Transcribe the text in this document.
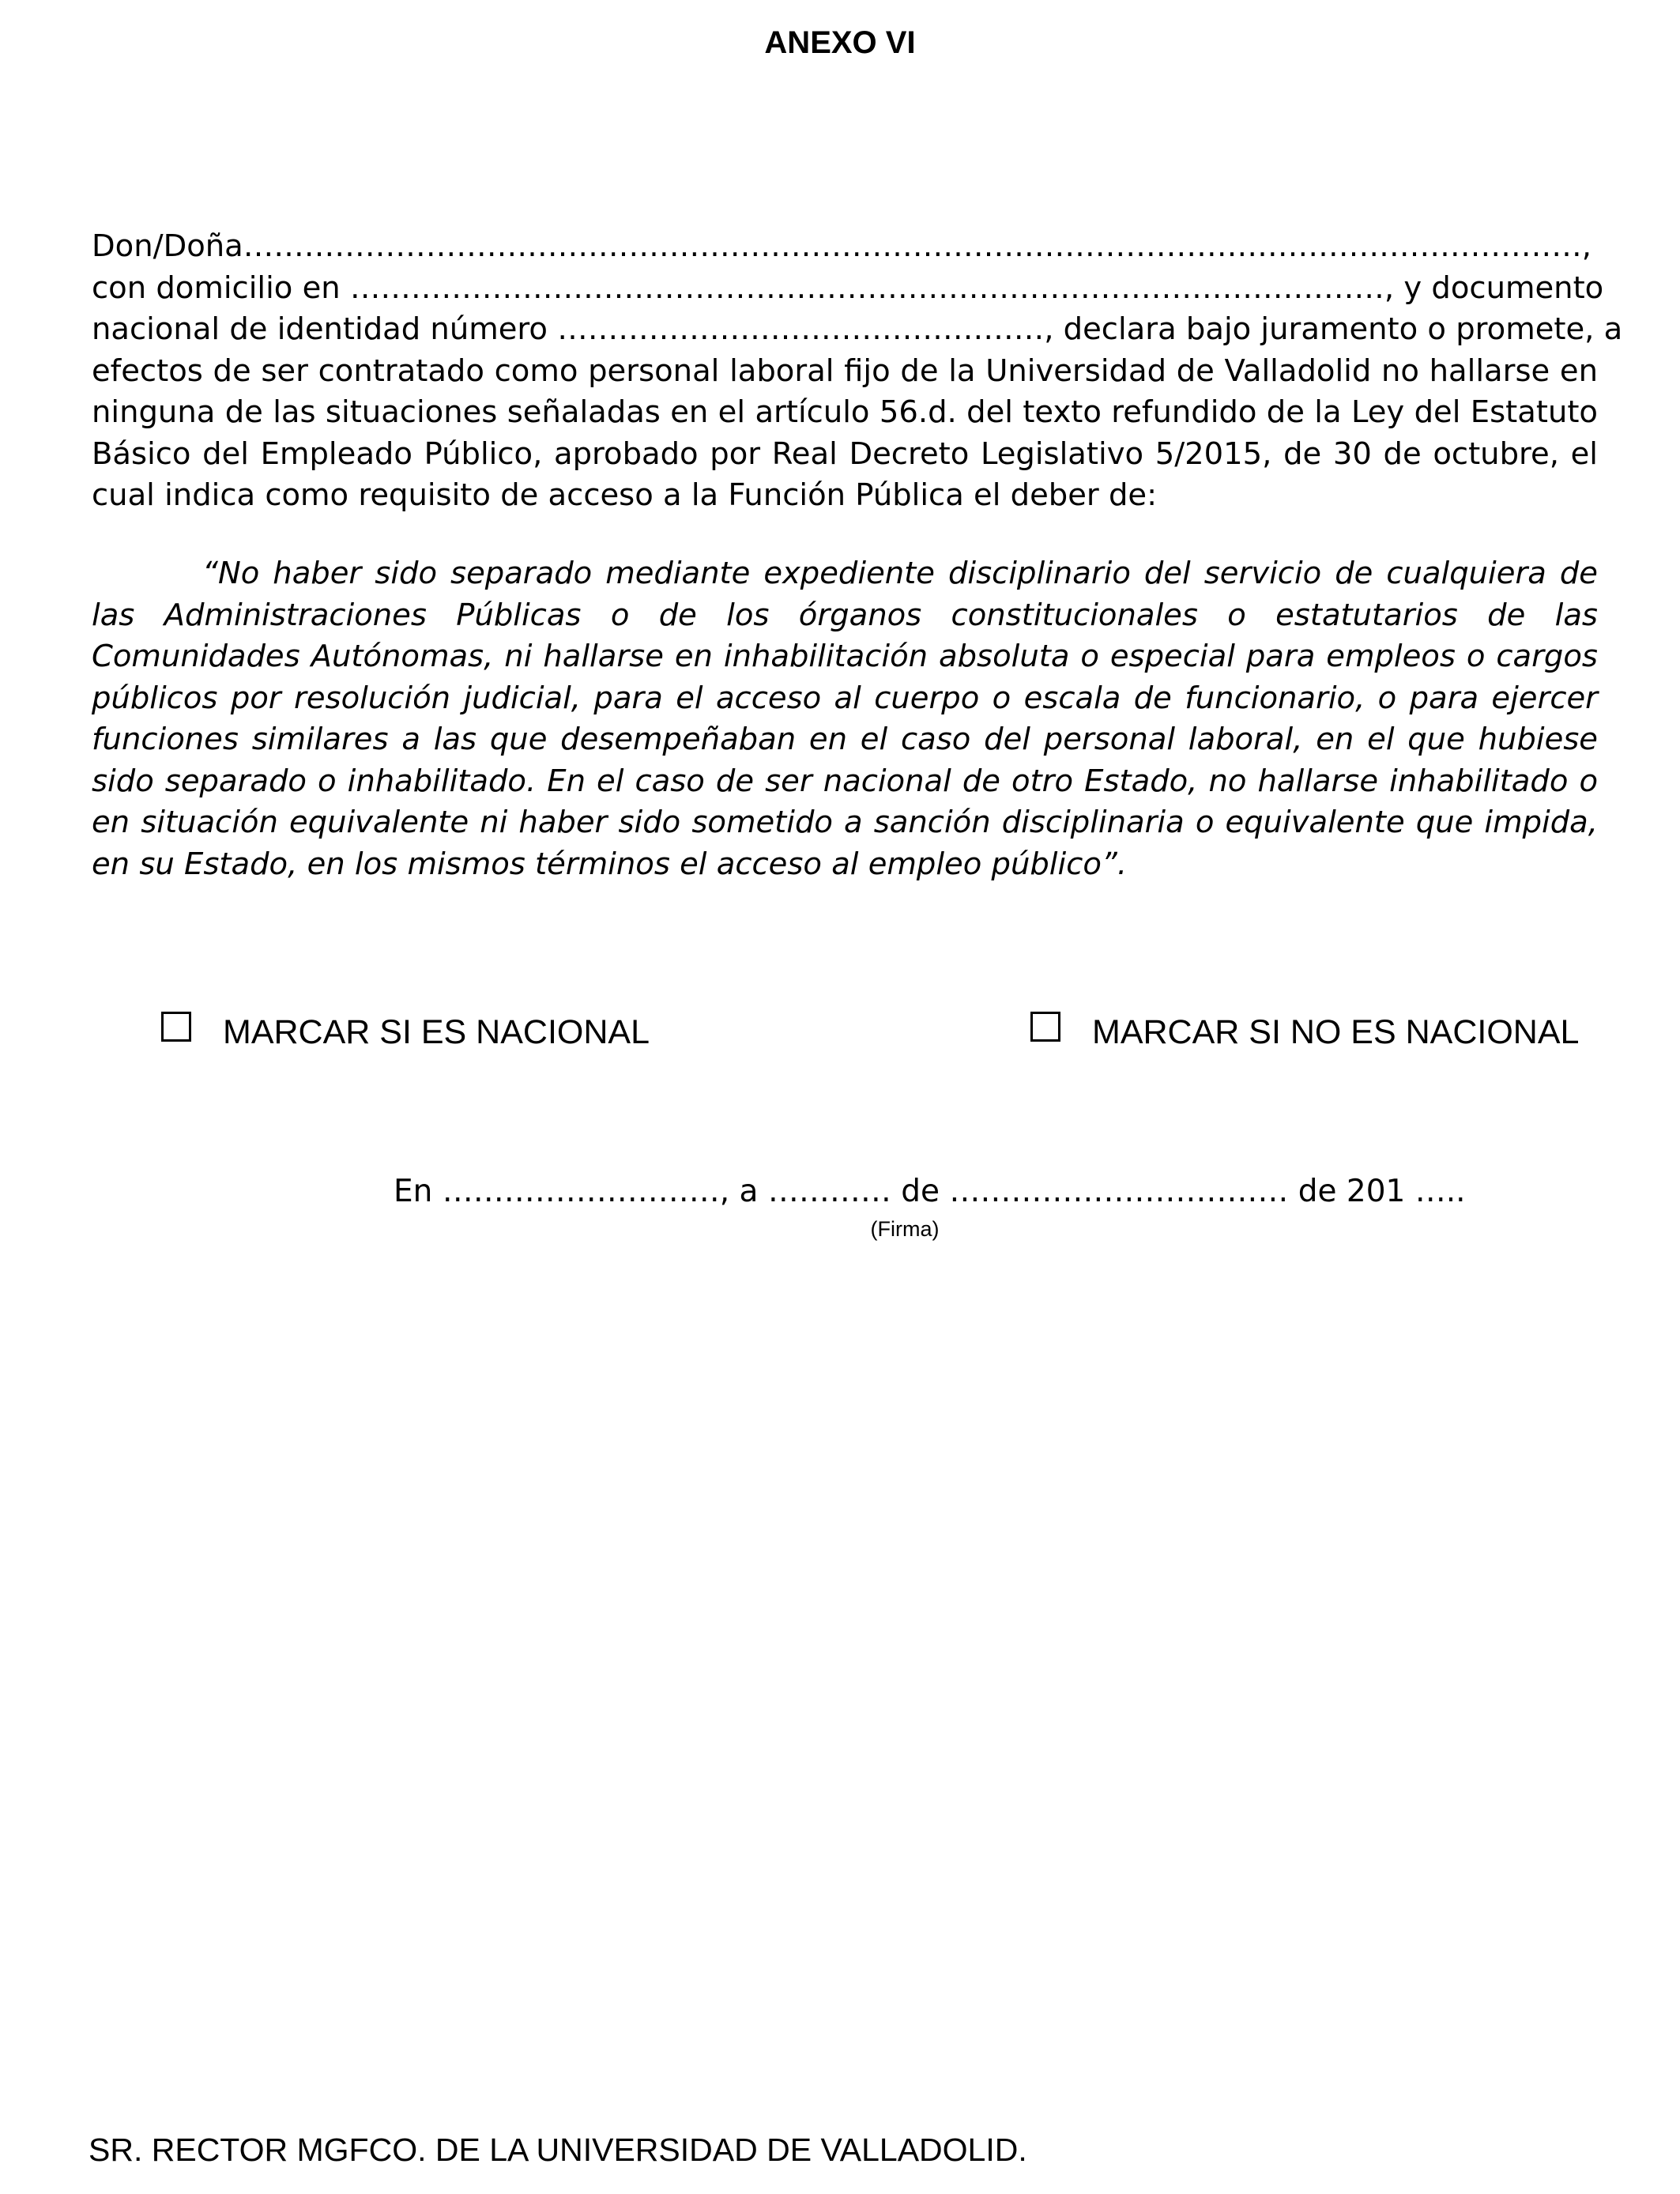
ANEXO VI
Don/Doña……………………………………………………………………………………………………………………,
con domicilio en …………………………………………………………………………………………, y documento
nacional de identidad número …………………………………………, declara bajo juramento o promete, a
efectos de ser contratado como personal laboral fijo de la Universidad de Valladolid no hallarse en
ninguna de las situaciones señaladas en el artículo 56.d. del texto refundido de la Ley del Estatuto
Básico del Empleado Público, aprobado por Real Decreto Legislativo 5/2015, de 30 de octubre, el
cual indica como requisito de acceso a la Función Pública el deber de:
“No haber sido separado mediante expediente disciplinario del servicio de cualquiera de
las Administraciones Públicas o de los órganos constitucionales o estatutarios de las
Comunidades Autónomas, ni hallarse en inhabilitación absoluta o especial para empleos o cargos
públicos por resolución judicial, para el acceso al cuerpo o escala de funcionario, o para ejercer
funciones similares a las que desempeñaban en el caso del personal laboral, en el que hubiese
sido separado o inhabilitado. En el caso de ser nacional de otro Estado, no hallarse inhabilitado o
en situación equivalente ni haber sido sometido a sanción disciplinaria o equivalente que impida,
en su Estado, en los mismos términos el acceso al empleo público”.
MARCAR SI ES NACIONAL	MARCAR SI NO ES NACIONAL
En ………………………, a ………… de …………………………… de 201 …..
(Firma)
SR. RECTOR MGFCO. DE LA UNIVERSIDAD DE VALLADOLID.
